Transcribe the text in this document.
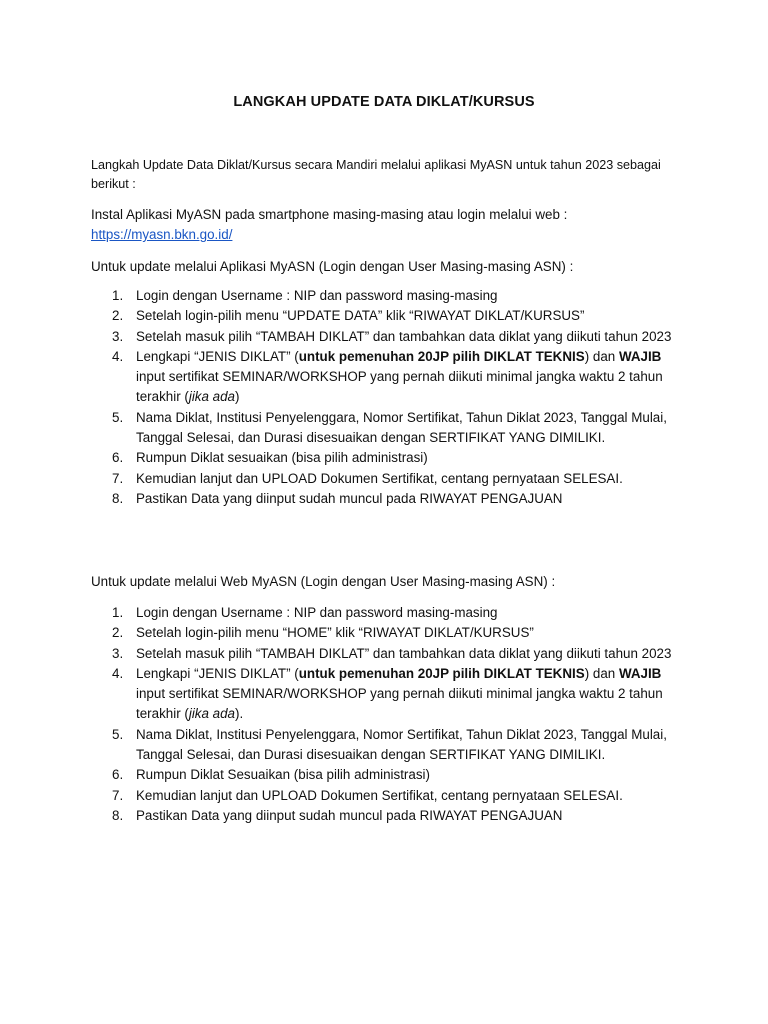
LANGKAH UPDATE DATA DIKLAT/KURSUS
Langkah Update Data Diklat/Kursus secara Mandiri melalui aplikasi MyASN untuk tahun 2023 sebagai berikut :
Instal Aplikasi MyASN pada smartphone masing-masing atau login melalui web :
https://myasn.bkn.go.id/
Untuk update melalui Aplikasi MyASN (Login dengan User Masing-masing ASN) :
1. Login dengan Username : NIP dan password masing-masing
2. Setelah login-pilih menu “UPDATE DATA” klik “RIWAYAT DIKLAT/KURSUS”
3. Setelah masuk pilih “TAMBAH DIKLAT” dan tambahkan data diklat yang diikuti tahun 2023
4. Lengkapi “JENIS DIKLAT” (untuk pemenuhan 20JP pilih DIKLAT TEKNIS) dan WAJIB input sertifikat SEMINAR/WORKSHOP yang pernah diikuti minimal jangka waktu 2 tahun terakhir (jika ada)
5. Nama Diklat, Institusi Penyelenggara, Nomor Sertifikat, Tahun Diklat 2023, Tanggal Mulai, Tanggal Selesai, dan Durasi disesuaikan dengan SERTIFIKAT YANG DIMILIKI.
6. Rumpun Diklat sesuaikan (bisa pilih administrasi)
7. Kemudian lanjut dan UPLOAD Dokumen Sertifikat, centang pernyataan SELESAI.
8. Pastikan Data yang diinput sudah muncul pada RIWAYAT PENGAJUAN
Untuk update melalui Web MyASN (Login dengan User Masing-masing ASN) :
1. Login dengan Username : NIP dan password masing-masing
2. Setelah login-pilih menu “HOME” klik “RIWAYAT DIKLAT/KURSUS”
3. Setelah masuk pilih “TAMBAH DIKLAT” dan tambahkan data diklat yang diikuti tahun 2023
4. Lengkapi “JENIS DIKLAT” (untuk pemenuhan 20JP pilih DIKLAT TEKNIS) dan WAJIB input sertifikat SEMINAR/WORKSHOP yang pernah diikuti minimal jangka waktu 2 tahun terakhir (jika ada).
5. Nama Diklat, Institusi Penyelenggara, Nomor Sertifikat, Tahun Diklat 2023, Tanggal Mulai, Tanggal Selesai, dan Durasi disesuaikan dengan SERTIFIKAT YANG DIMILIKI.
6. Rumpun Diklat Sesuaikan (bisa pilih administrasi)
7. Kemudian lanjut dan UPLOAD Dokumen Sertifikat, centang pernyataan SELESAI.
8. Pastikan Data yang diinput sudah muncul pada RIWAYAT PENGAJUAN
